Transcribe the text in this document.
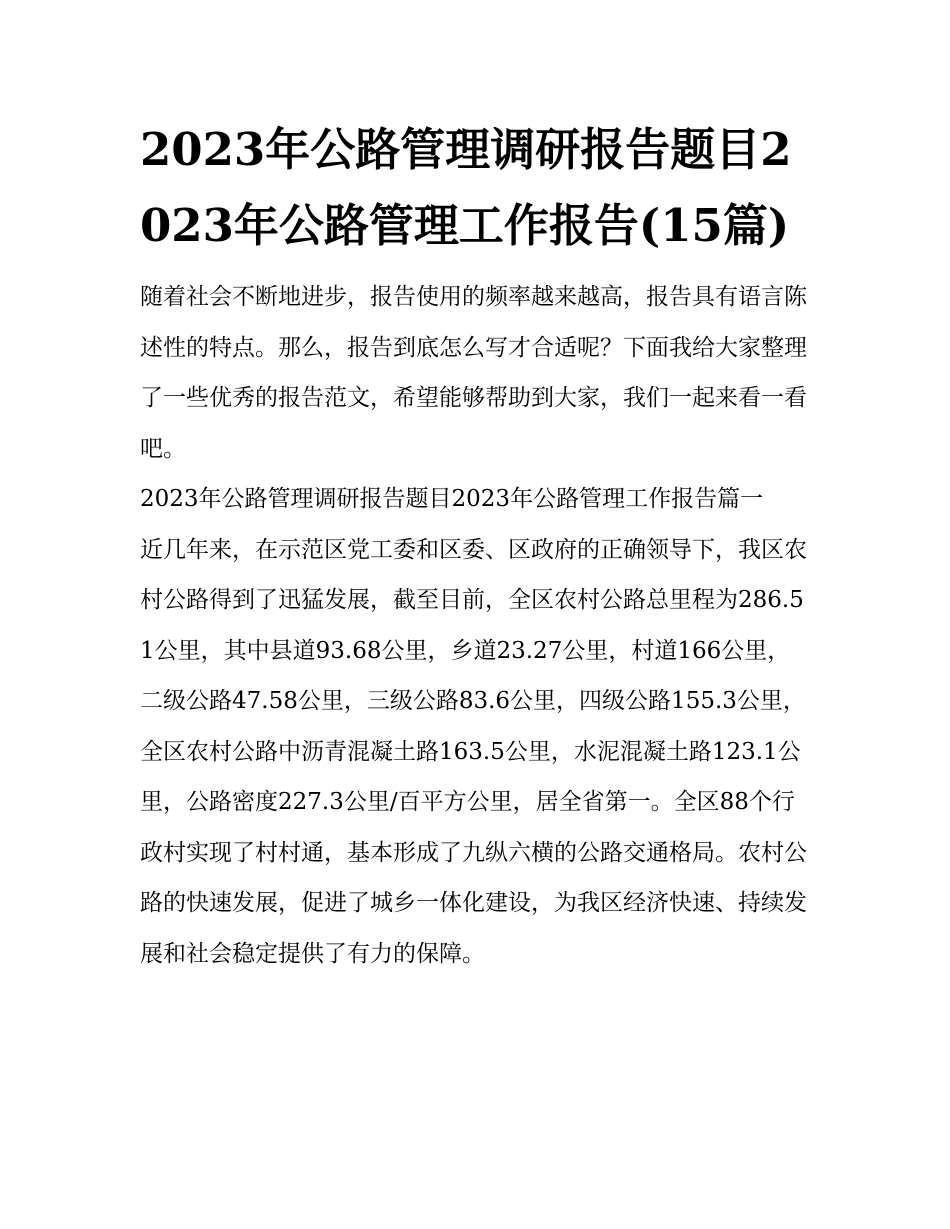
2023年公路管理调研报告题目2023年公路管理工作报告(15篇)

随着社会不断地进步，报告使用的频率越来越高，报告具有语言陈述性的特点。那么，报告到底怎么写才合适呢？下面我给大家整理了一些优秀的报告范文，希望能够帮助到大家，我们一起来看一看吧。

2023年公路管理调研报告题目2023年公路管理工作报告篇一

近几年来，在示范区党工委和区委、区政府的正确领导下，我区农村公路得到了迅猛发展，截至目前，全区农村公路总里程为286.51公里，其中县道93.68公里，乡道23.27公里，村道166公里，二级公路47.58公里，三级公路83.6公里，四级公路155.3公里，全区农村公路中沥青混凝土路163.5公里，水泥混凝土路123.1公里，公路密度227.3公里/百平方公里，居全省第一。全区88个行政村实现了村村通，基本形成了九纵六横的公路交通格局。农村公路的快速发展，促进了城乡一体化建设，为我区经济快速、持续发展和社会稳定提供了有力的保障。
